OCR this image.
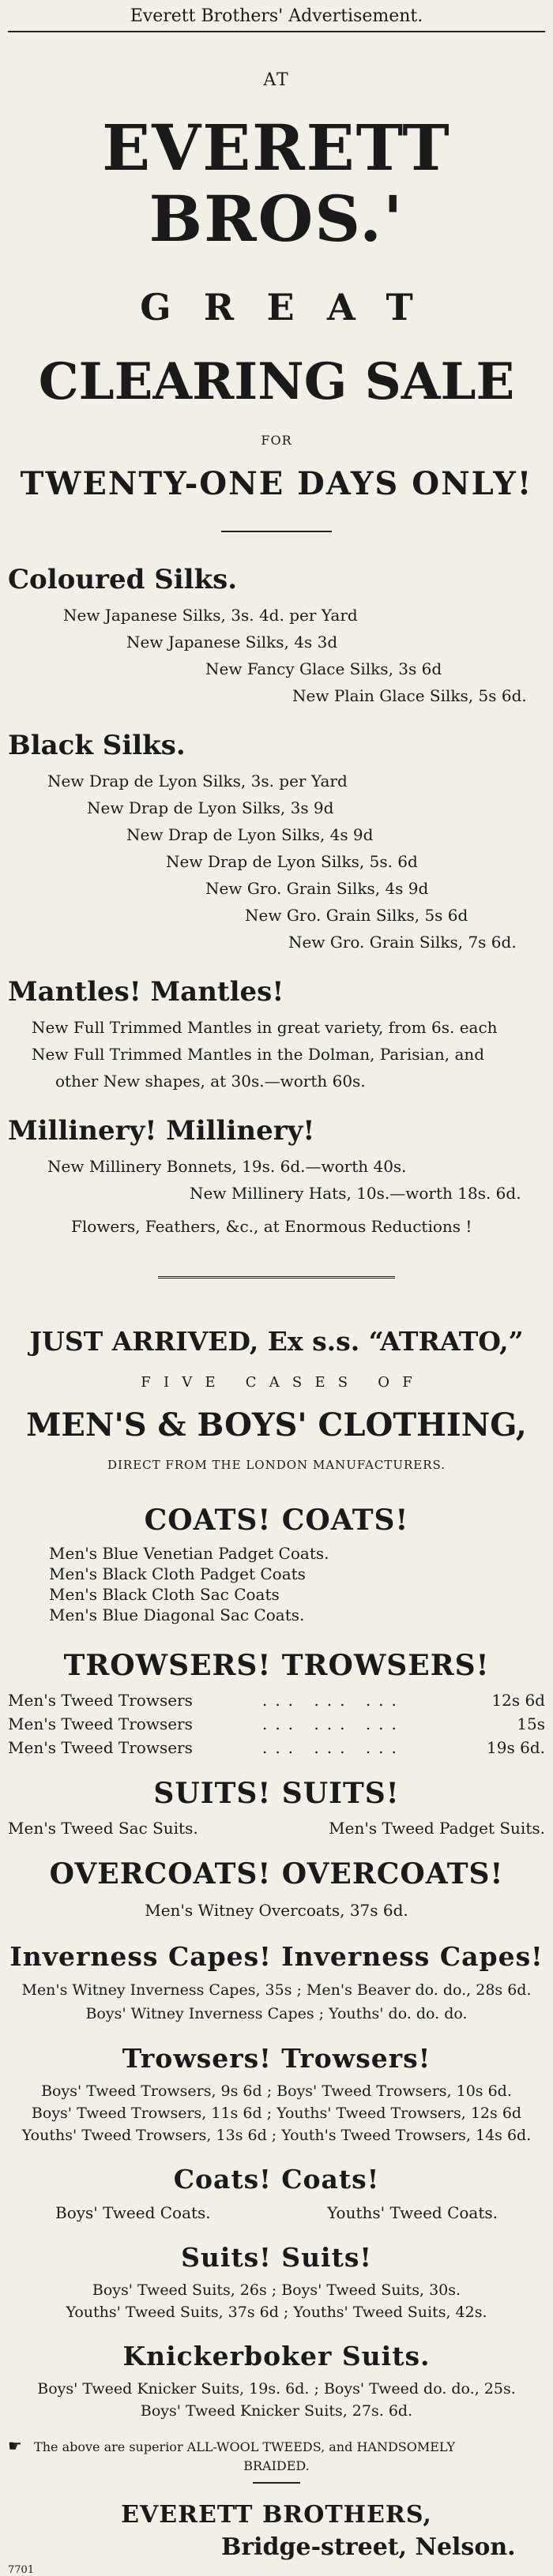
Everett Brothers' Advertisement.
AT
EVERETT BROS.'
GREAT
CLEARING SALE
FOR
TWENTY-ONE DAYS ONLY!
Coloured Silks.
New Japanese Silks, 3s. 4d. per Yard
New Japanese Silks, 4s 3d
New Fancy Glace Silks, 3s 6d
New Plain Glace Silks, 5s 6d.
Black Silks.
New Drap de Lyon Silks, 3s. per Yard
New Drap de Lyon Silks, 3s 9d
New Drap de Lyon Silks, 4s 9d
New Drap de Lyon Silks, 5s. 6d
New Gro. Grain Silks, 4s 9d
New Gro. Grain Silks, 5s 6d
New Gro. Grain Silks, 7s 6d.
Mantles! Mantles!
New Full Trimmed Mantles in great variety, from 6s. each
New Full Trimmed Mantles in the Dolman, Parisian, and
other New shapes, at 30s.—worth 60s.
Millinery! Millinery!
New Millinery Bonnets, 19s. 6d.—worth 40s.
New Millinery Hats, 10s.—worth 18s. 6d.
Flowers, Feathers, &c., at Enormous Reductions !
JUST ARRIVED, Ex s.s. “ATRATO,”
FIVE CASES OF
MEN'S & BOYS' CLOTHING,
DIRECT FROM THE LONDON MANUFACTURERS.
COATS! COATS!
Men's Blue Venetian Padget Coats.
Men's Black Cloth Padget Coats
Men's Black Cloth Sac Coats
Men's Blue Diagonal Sac Coats.
TROWSERS! TROWSERS!
Men's Tweed Trowsers	... ... ...	12s 6d
Men's Tweed Trowsers	... ... ...	15s
Men's Tweed Trowsers	... ... ...	19s 6d.
SUITS! SUITS!
Men's Tweed Sac Suits.	Men's Tweed Padget Suits.
OVERCOATS! OVERCOATS!
Men's Witney Overcoats, 37s 6d.
Inverness Capes! Inverness Capes!
Men's Witney Inverness Capes, 35s ; Men's Beaver do. do., 28s 6d.
Boys' Witney Inverness Capes ; Youths' do. do. do.
Trowsers! Trowsers!
Boys' Tweed Trowsers, 9s 6d ; Boys' Tweed Trowsers, 10s 6d.
Boys' Tweed Trowsers, 11s 6d ; Youths' Tweed Trowsers, 12s 6d
Youths' Tweed Trowsers, 13s 6d ; Youth's Tweed Trowsers, 14s 6d.
Coats! Coats!
Boys' Tweed Coats.	Youths' Tweed Coats.
Suits! Suits!
Boys' Tweed Suits, 26s ; Boys' Tweed Suits, 30s.
Youths' Tweed Suits, 37s 6d ; Youths' Tweed Suits, 42s.
Knickerboker Suits.
Boys' Tweed Knicker Suits, 19s. 6d. ; Boys' Tweed do. do., 25s.
Boys' Tweed Knicker Suits, 27s. 6d.
☛ The above are superior ALL-WOOL TWEEDS, and HANDSOMELY
BRAIDED.
EVERETT BROTHERS,
Bridge-street, Nelson.
7701
